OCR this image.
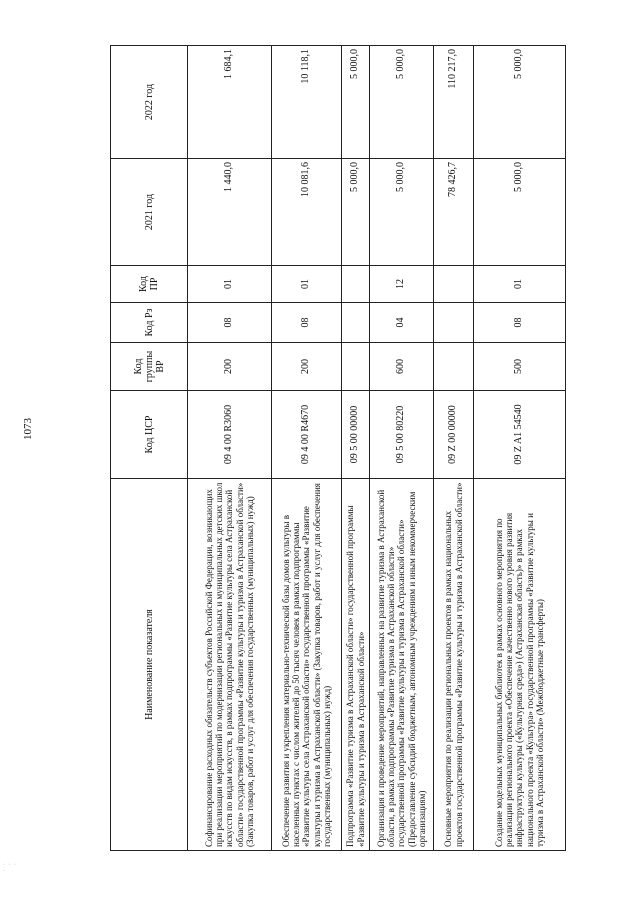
1073
· · · ·
Наименование показателя	Код ЦСР	Код группы ВР	Код Рз	Код ПР	2021 год	2022 год
Софинансирование расходных обязательств субъектов Российской Федерации, возникающих при реализации мероприятий по модернизации региональных и муниципальных детских школ искусств по видам искусств, в рамках подпрограммы «Развитие культуры села Астраханской области» государственной программы «Развитие культуры и туризма в Астраханской области» (Закупка товаров, работ и услуг для обеспечения государственных (муниципальных) нужд)	09 4 00 R3060	200	08	01	1 440,0	1 684,1
Обеспечение развития и укрепления материально-технической базы домов культуры в населенных пунктах с числом жителей до 50 тысяч человек в рамках подпрограммы «Развитие культуры села Астраханской области» государственной программы «Развитие культуры и туризма в Астраханской области» (Закупка товаров, работ и услуг для обеспечения государственных (муниципальных) нужд)	09 4 00 R4670	200	08	01	10 081,6	10 118,1
Подпрограмма «Развитие туризма в Астраханской области» государственной программы «Развитие культуры и туризма в Астраханской области»	09 5 00 00000				5 000,0	5 000,0
Организация и проведение мероприятий, направленных на развитие туризма в Астраханской области, в рамках подпрограммы «Развитие туризма в Астраханской области» государственной программы «Развитие культуры и туризма в Астраханской области» (Предоставление субсидий бюджетным, автономным учреждениям и иным некоммерческим организациям)	09 5 00 80220	600	04	12	5 000,0	5 000,0
Основные мероприятия по реализации региональных проектов в рамках национальных проектов государственной программы «Развитие культуры и туризма в Астраханской области»	09 Z 00 00000				78 426,7	110 217,0
Создание модельных муниципальных библиотек в рамках основного мероприятия по реализации регионального проекта «Обеспечение качественно нового уровня развития инфраструктуры культуры («Культурная среда») (Астраханская область)» в рамках национального проекта «Культура» государственной программы «Развитие культуры и туризма в Астраханской области» (Межбюджетные трансферты)	09 Z A1 54540	500	08	01	5 000,0	5 000,0
